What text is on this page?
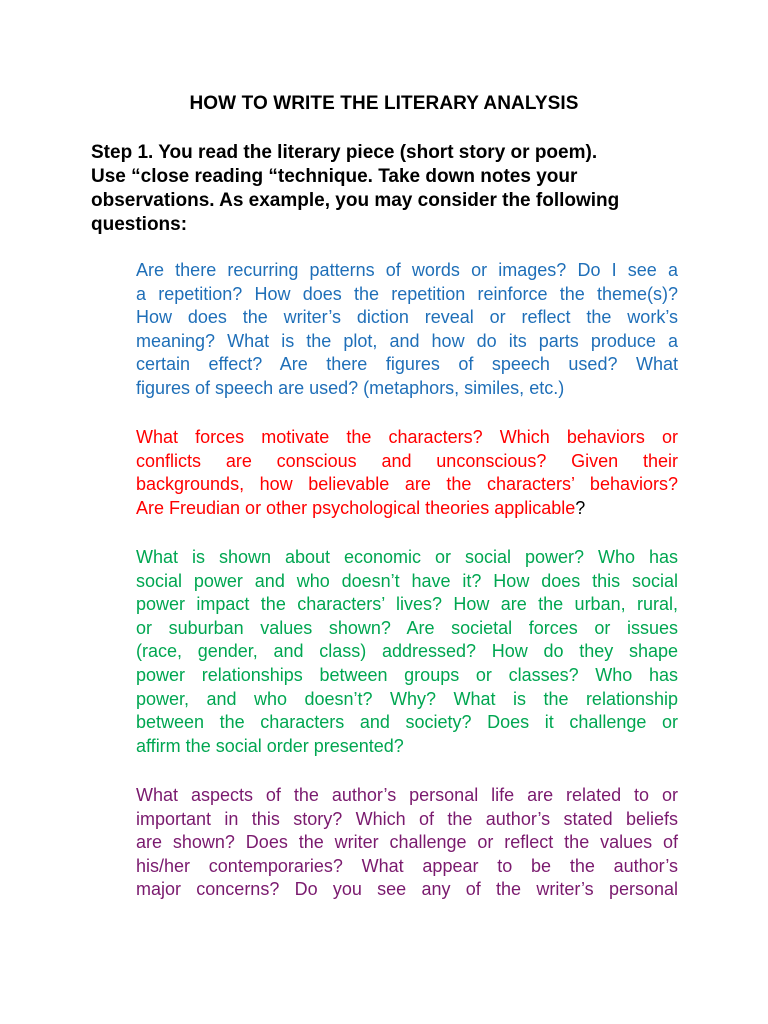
HOW TO WRITE THE LITERARY ANALYSIS
Step 1. You read the literary piece (short story or poem).
Use “close reading “technique. Take down notes your
observations. As example, you may consider the following
questions:
Are there recurring patterns of words or images? Do I see a
a repetition? How does the repetition reinforce the theme(s)?
How does the writer’s diction reveal or reflect the work’s
meaning? What is the plot, and how do its parts produce a
certain effect? Are there figures of speech used? What
figures of speech are used? (metaphors, similes, etc.)
What forces motivate the characters? Which behaviors or
conflicts are conscious and unconscious? Given their
backgrounds, how believable are the characters’ behaviors?
Are Freudian or other psychological theories applicable?
What is shown about economic or social power? Who has
social power and who doesn’t have it? How does this social
power impact the characters’ lives? How are the urban, rural,
or suburban values shown? Are societal forces or issues
(race, gender, and class) addressed? How do they shape
power relationships between groups or classes? Who has
power, and who doesn’t? Why? What is the relationship
between the characters and society? Does it challenge or
affirm the social order presented?
What aspects of the author’s personal life are related to or
important in this story? Which of the author’s stated beliefs
are shown? Does the writer challenge or reflect the values of
his/her contemporaries? What appear to be the author’s
major concerns? Do you see any of the writer’s personal
